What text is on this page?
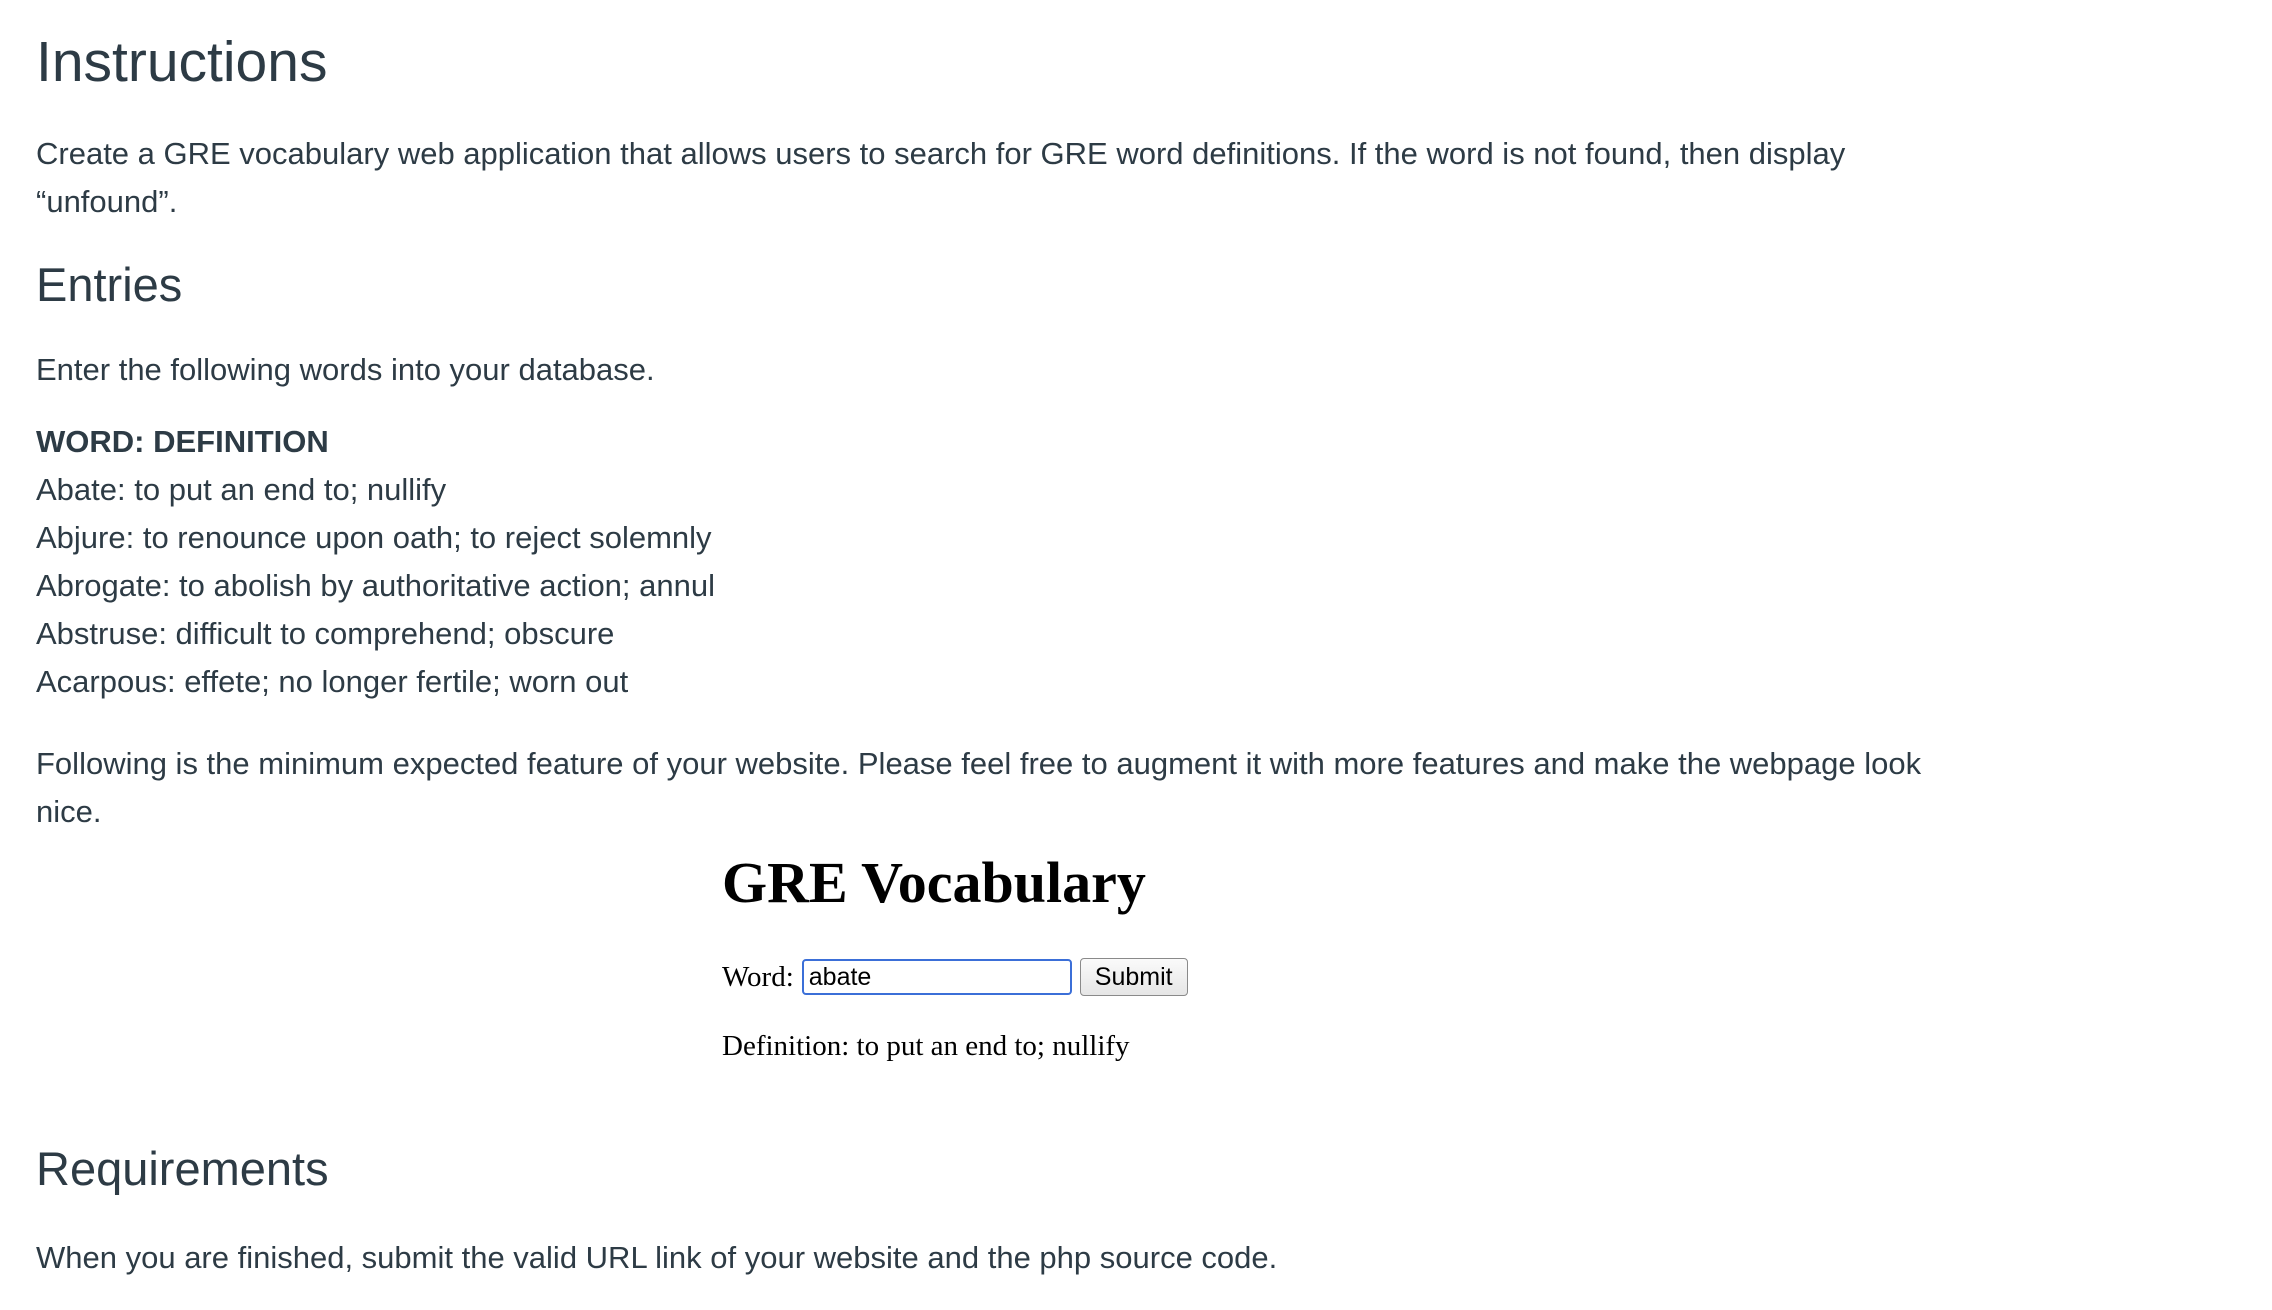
Instructions

Create a GRE vocabulary web application that allows users to search for GRE word definitions. If the word is not found, then display “unfound”.

Entries

Enter the following words into your database.

WORD: DEFINITION
Abate: to put an end to; nullify
Abjure: to renounce upon oath; to reject solemnly
Abrogate: to abolish by authoritative action; annul
Abstruse: difficult to comprehend; obscure
Acarpous: effete; no longer fertile; worn out

Following is the minimum expected feature of your website. Please feel free to augment it with more features and make the webpage look nice.

Requirements

When you are finished, submit the valid URL link of your website and the php source code.

GRE Vocabulary
Word:
abate	Submit
Definition: to put an end to; nullify
